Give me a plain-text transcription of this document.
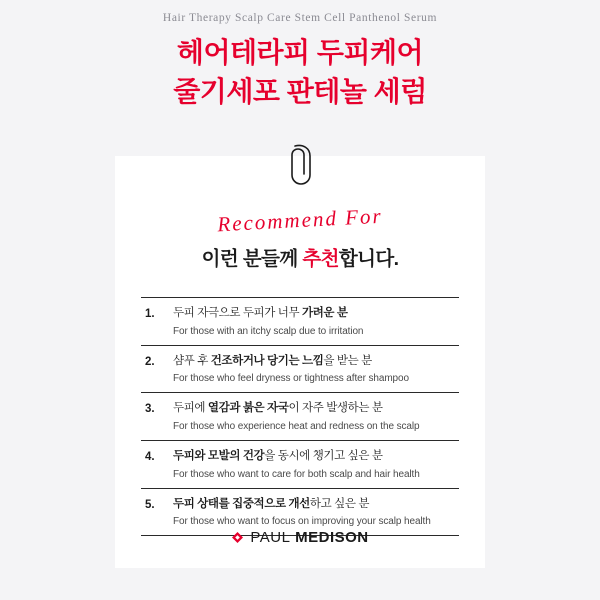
Hair Therapy Scalp Care Stem Cell Panthenol Serum
헤어테라피 두피케어
줄기세포 판테놀 세럼
Recommend For
이런 분들께 추천합니다.
1.	두피 자극으로 두피가 너무 가려운 분
For those with an itchy scalp due to irritation
2.	샴푸 후 건조하거나 당기는 느낌을 받는 분
For those who feel dryness or tightness after shampoo
3.	두피에 열감과 붉은 자국이 자주 발생하는 분
For those who experience heat and redness on the scalp
4.	두피와 모발의 건강을 동시에 챙기고 싶은 분
For those who want to care for both scalp and hair health
5.	두피 상태를 집중적으로 개선하고 싶은 분
For those who want to focus on improving your scalp health
PAUL MEDISON
